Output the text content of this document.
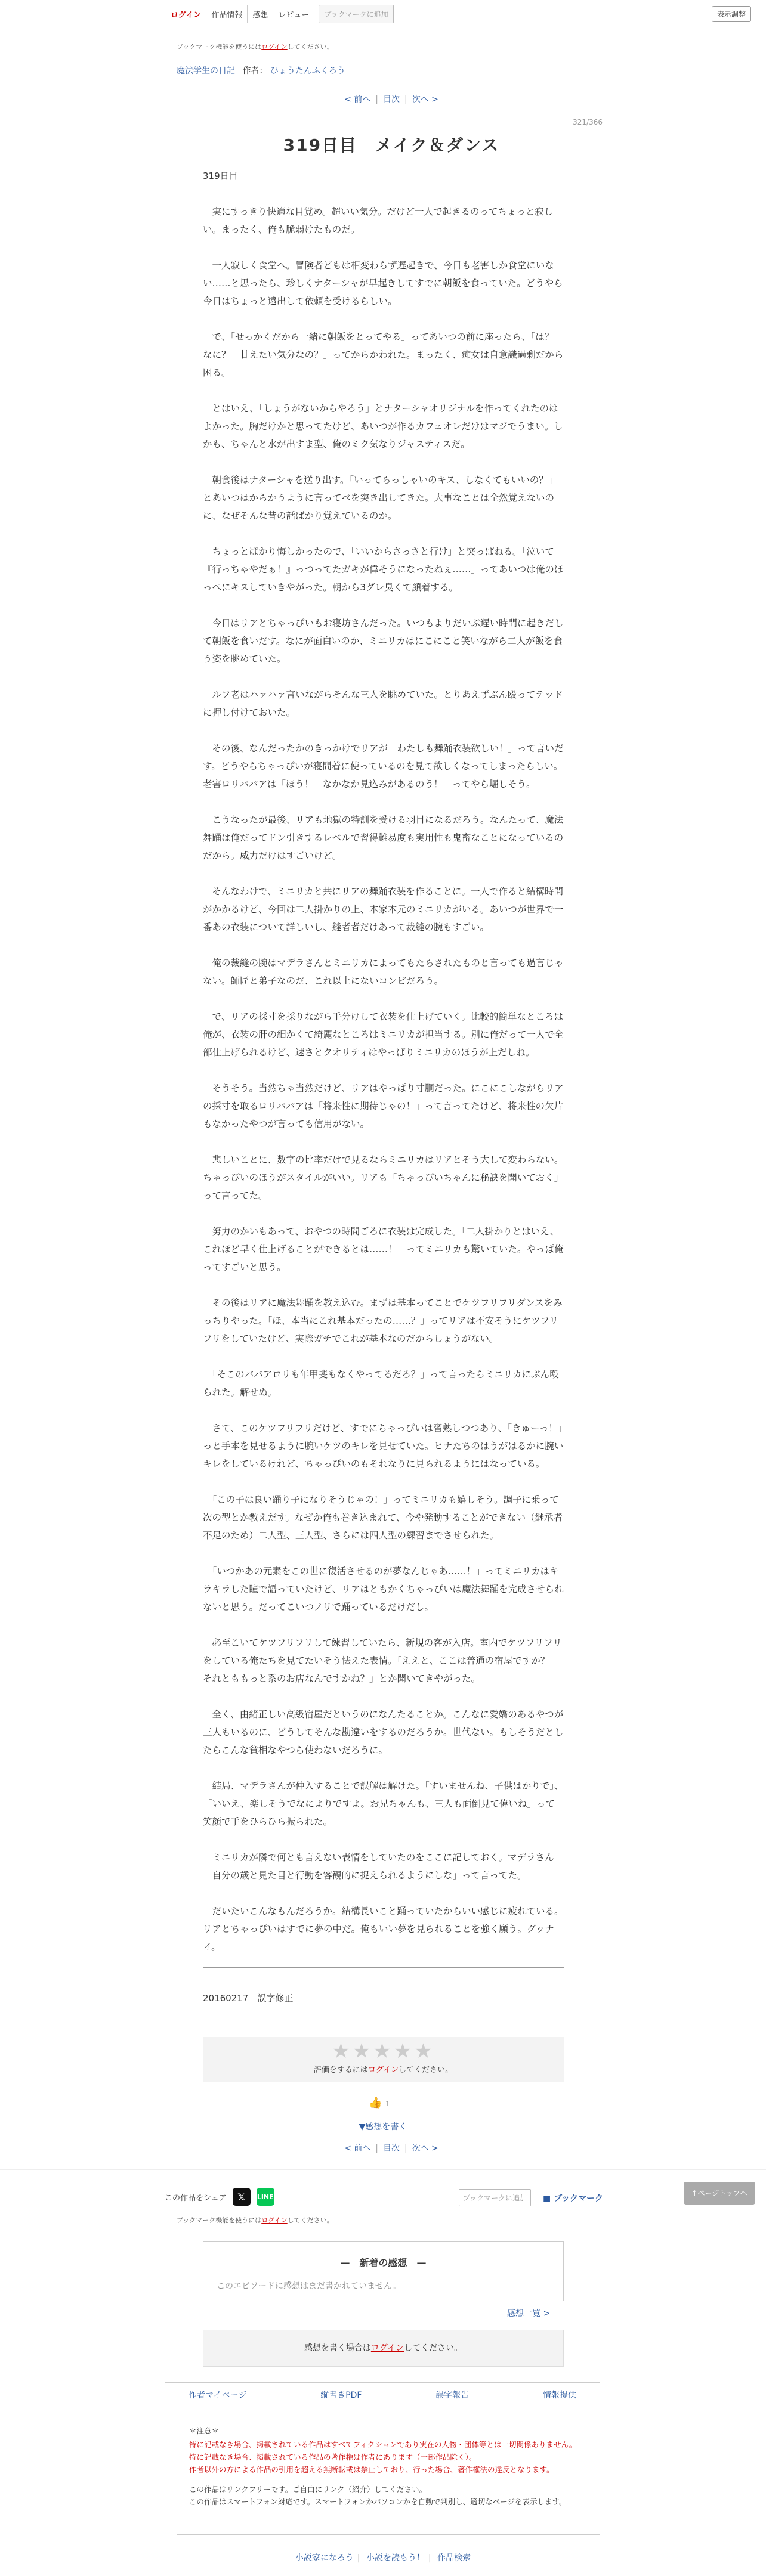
ログイン	作品情報	感想	レビュー	ブックマークに追加	表示調整
ブックマーク機能を使うにはログインしてください。
魔法学生の日記 作者： ひょうたんふくろう
< 前へ | 目次 | 次へ >
321/366
319日目　メイク＆ダンス
319日目

　実にすっきり快適な目覚め。超いい気分。だけど一人で起きるのってちょっと寂しい。まったく、俺も脆弱けたものだ。

　一人寂しく食堂へ。冒険者どもは相変わらず遅起きで、今日も老害しか食堂にいない……と思ったら、珍しくナターシャが早起きしてすでに朝飯を食っていた。どうやら今日はちょっと遠出して依頼を受けるらしい。

　で、「せっかくだから一緒に朝飯をとってやる」ってあいつの前に座ったら、「は？　なに？　甘えたい気分なの？」ってからかわれた。まったく、痴女は自意識過剰だから困る。

　とはいえ、「しょうがないからやろう」とナターシャオリジナルを作ってくれたのはよかった。胸だけかと思ってたけど、あいつが作るカフェオレだけはマジでうまい。しかも、ちゃんと水が出すま型、俺のミク気なりジャスティスだ。

　朝食後はナターシャを送り出す。「いってらっしゃいのキス、しなくてもいいの？」とあいつはからかうように言ってベを突き出してきた。大事なことは全然覚えないのに、なぜそんな昔の話ばかり覚えているのか。

　ちょっとばかり悔しかったので、「いいからさっさと行け」と突っぱねる。「泣いて『行っちゃやだぁ！』っつってたガキが偉そうになったねぇ……」ってあいつは俺のほっぺにキスしていきやがった。朝から3グレ臭くて顔着する。

　今日はリアとちゃっぴいもお寝坊さんだった。いつもよりだいぶ遅い時間に起きだして朝飯を食いだす。なにが面白いのか、ミニリカはにこにこと笑いながら二人が飯を食う姿を眺めていた。

　ルフ老はハァハァ言いながらそんな三人を眺めていた。とりあえずぶん殴ってテッドに押し付けておいた。

　その後、なんだったかのきっかけでリアが「わたしも舞踊衣装欲しい！」って言いだす。どうやらちゃっぴいが寝間着に使っているのを見て欲しくなってしまったらしい。老害ロリババアは「ほう！　なかなか見込みがあるのう！」ってやら堀しそう。

　こうなったが最後、リアも地獄の特訓を受ける羽目になるだろう。なんたって、魔法舞踊は俺だってドン引きするレベルで習得難易度も実用性も鬼畜なことになっているのだから。威力だけはすごいけど。

　そんなわけで、ミニリカと共にリアの舞踊衣装を作ることに。一人で作ると結構時間がかかるけど、今回は二人掛かりの上、本家本元のミニリカがいる。あいつが世界で一番あの衣装について詳しいし、縫者者だけあって裁縫の腕もすごい。

　俺の裁縫の腕はマデラさんとミニリカによってもたらされたものと言っても過言じゃない。師匠と弟子なのだ、これ以上にないコンビだろう。

　で、リアの採寸を採りながら手分けして衣装を仕上げていく。比較的簡単なところは俺が、衣装の肝の細かくて綺麗なところはミニリカが担当する。別に俺だって一人で全部仕上げられるけど、速さとクオリティはやっぱりミニリカのほうが上だしね。

　そうそう。当然ちゃ当然だけど、リアはやっぱり寸胴だった。にこにこしながらリアの採寸を取るロリババアは「将来性に期待じゃの！」って言ってたけど、将来性の欠片もなかったやつが言っても信用がない。

　悲しいことに、数字の比率だけで見るならミニリカはリアとそう大して変わらない。ちゃっぴいのほうがスタイルがいい。リアも「ちゃっぴいちゃんに秘訣を聞いておく」って言ってた。

　努力のかいもあって、おやつの時間ごろに衣装は完成した。「二人掛かりとはいえ、これほど早く仕上げることができるとは……！」ってミニリカも驚いていた。やっぱ俺ってすごいと思う。

　その後はリアに魔法舞踊を教え込む。まずは基本ってことでケツフリフリダンスをみっちりやった。「ほ、本当にこれ基本だったの……？」ってリアは不安そうにケツフリフリをしていたけど、実際ガチでこれが基本なのだからしょうがない。

　「そこのババアロリも年甲斐もなくやってるだろ？」って言ったらミニリカにぶん殴られた。解せぬ。

　さて、このケツフリフリだけど、すでにちゃっぴいは習熟しつつあり、「きゅーっ！」っと手本を見せるように腕いケツのキレを見せていた。ヒナたちのはうがはるかに腕いキレをしているけれど、ちゃっぴいのもそれなりに見られるようにはなっている。

　「この子は良い踊り子になりそうじゃの！」ってミニリカも嬉しそう。調子に乗って次の型とか教えだす。なぜか俺も巻き込まれて、今や発動することができない（継承者不足のため）二人型、三人型、さらには四人型の練習までさせられた。

　「いつかあの元素をこの世に復活させるのが夢なんじゃあ……！」ってミニリカはキラキラした瞳で語っていたけど、リアはともかくちゃっぴいは魔法舞踊を完成させられないと思う。だってこいつノリで踊っているだけだし。

　必至こいてケツフリフリして練習していたら、新規の客が入店。室内でケツフリフリをしている俺たちを見てたいそう怯えた表情。「ええと、ここは普通の宿屋ですか？　それとももっと系のお店なんですかね？」とか聞いてきやがった。

　全く、由緒正しい高級宿屋だというのになんたることか。こんなに愛嬌のあるやつが三人もいるのに、どうしてそんな勘違いをするのだろうか。世代ない。もしそうだとしたらこんな貧相なやつら使わないだろうに。

　結局、マデラさんが仲入することで誤解は解けた。「すいませんね、子供はかりで」、「いいえ、楽しそうでなによりですよ。お兄ちゃんも、三人も面倒見て偉いね」って笑顔で手をひらひら振られた。

　ミニリカが隣で何とも言えない表情をしていたのをここに記しておく。マデラさん「自分の歳と見た目と行動を客観的に捉えられるようにしな」って言ってた。

　だいたいこんなもんだろうか。結構長いこと踊っていたからいい感じに疲れている。リアとちゃっぴいはすでに夢の中だ。俺もいい夢を見られることを強く願う。グッナイ。

20160217　誤字修正
★★★★★
評価をするにはログインしてください。
👍 1
▼感想を書く
< 前へ | 目次 | 次へ >
この作品をシェア	𝕏	LINE	ブックマークに追加	■ ブックマーク
↑ページトップへ
ブックマーク機能を使うにはログインしてください。
—　新着の感想　—
このエピソードに感想はまだ書かれていません。
感想一覧 >
感想を書く場合はログインしてください。
作者マイページ	縦書きPDF	誤字報告	情報提供
＊注意＊
特に記載なき場合、掲載されている作品はすべてフィクションであり実在の人物・団体等とは一切関係ありません。
特に記載なき場合、掲載されている作品の著作権は作者にあります（一部作品除く）。
作者以外の方による作品の引用を超える無断転載は禁止しており、行った場合、著作権法の違反となります。
この作品はリンクフリーです。ご自由にリンク（紹介）してください。
この作品はスマートフォン対応です。スマートフォンかパソコンかを自動で判別し、適切なページを表示します。
小説家になろう | 小説を読もう！ | 作品検索
